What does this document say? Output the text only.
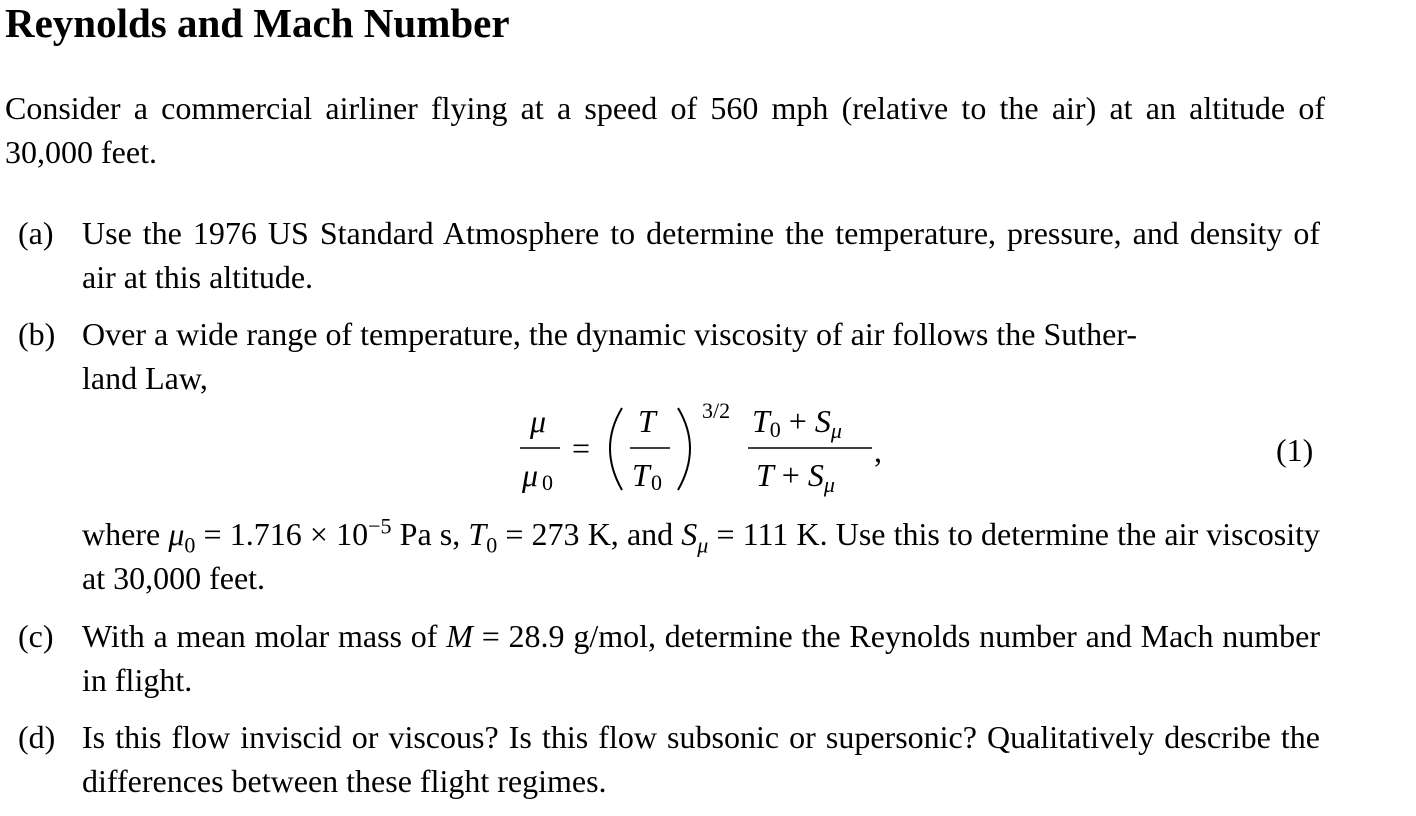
Reynolds and Mach Number
Consider a commercial airliner flying at a speed of 560 mph (relative to the air) at an altitude of 30,000 feet.
(a) Use the 1976 US Standard Atmosphere to determine the temperature, pressure, and density of air at this altitude.
(b) Over a wide range of temperature, the dynamic viscosity of air follows the Suther-
land Law,
μ
μ 0
=
T
T 0
3/2 T0 + Sμ
T + Sμ
,	(1)
where $\mu_0 = 1.716 \times 10^{-5}$ Pa s, $T_0 = 273$ K, and $S_\mu = 111$ K. Use this to determine the air viscosity at 30,000 feet.
(c) With a mean molar mass of M = 28.9 g/mol, determine the Reynolds number and Mach number in flight.
(d) Is this flow inviscid or viscous? Is this flow subsonic or supersonic? Qualitatively describe the differences between these flight regimes.
